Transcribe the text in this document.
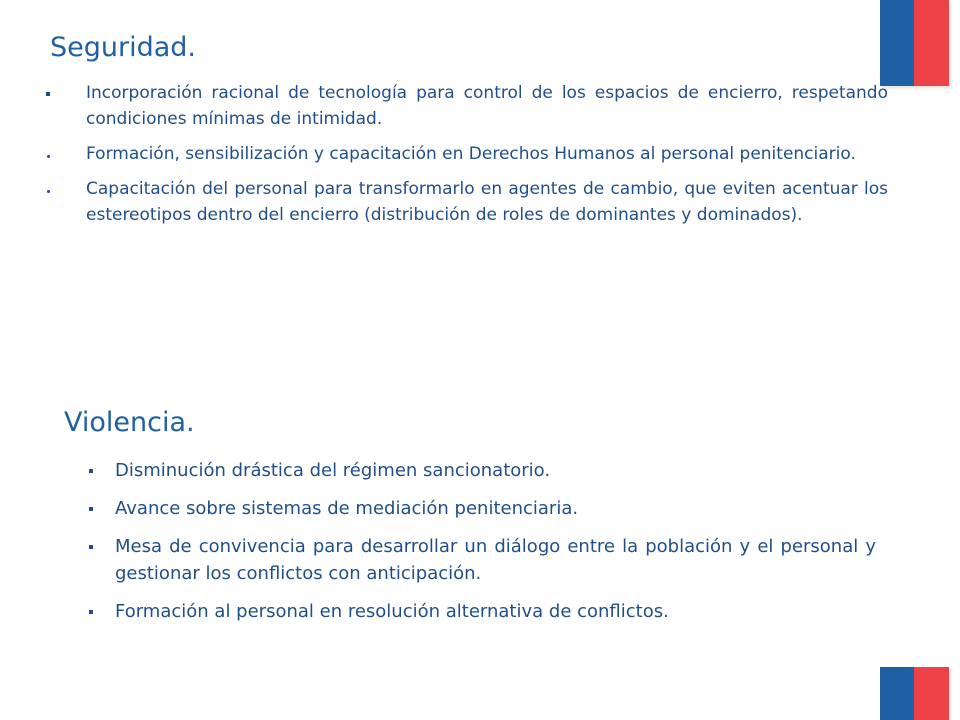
Seguridad.
Incorporación racional de tecnología para control de los espacios de encierro, respetando condiciones mínimas de intimidad.
Formación, sensibilización y capacitación en Derechos Humanos al personal penitenciario.
Capacitación del personal para transformarlo en agentes de cambio, que eviten acentuar los estereotipos dentro del encierro (distribución de roles de dominantes y dominados).
Violencia.
Disminución drástica del régimen sancionatorio.
Avance sobre sistemas de mediación penitenciaria.
Mesa de convivencia para desarrollar un diálogo entre la población y el personal y gestionar los conflictos con anticipación.
Formación al personal en resolución alternativa de conflictos.
